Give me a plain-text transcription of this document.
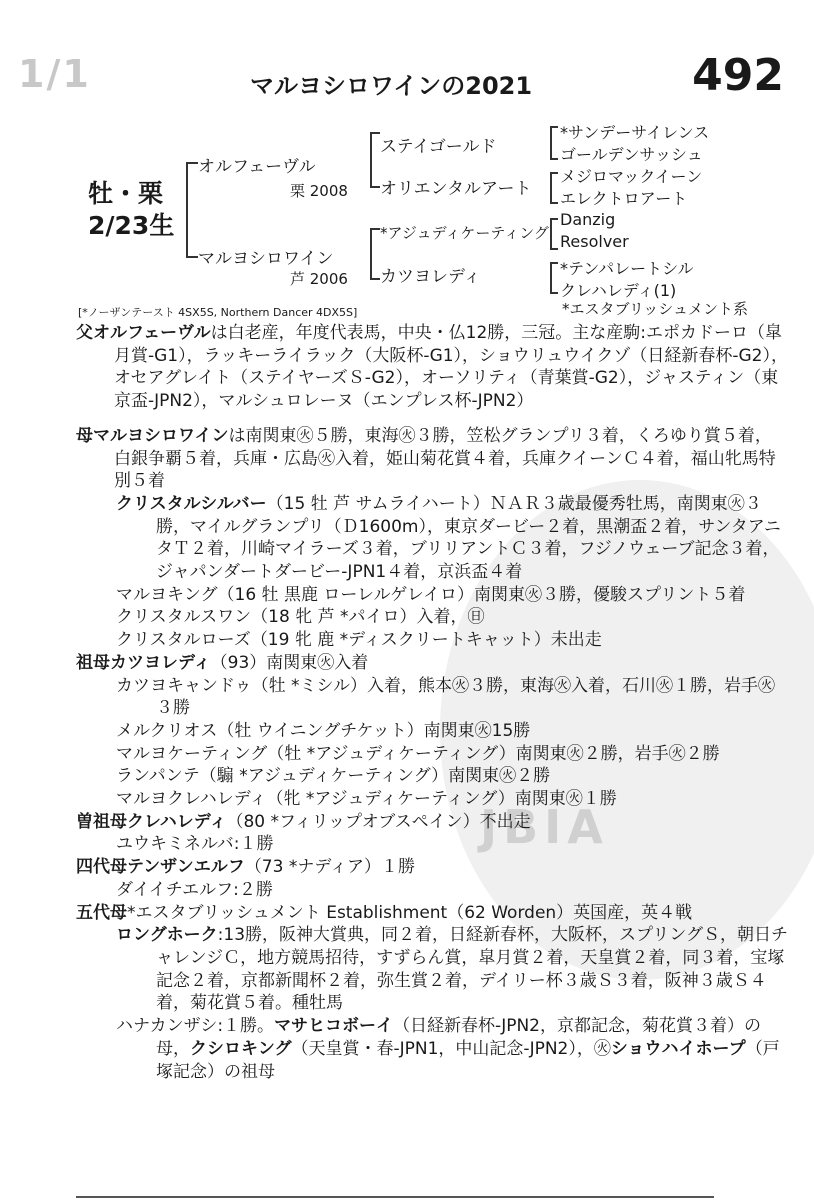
JBIA
1/1	マルヨシロワインの2021	492
牡・栗
2/23生
オルフェーヴル
栗 2008
マルヨシロワイン
芦 2006
ステイゴールド
オリエンタルアート
*アジュディケーティング
カツヨレディ
*サンデーサイレンス
ゴールデンサッシュ
メジロマックイーン
エレクトロアート
Danzig
Resolver
*テンパレートシル
クレハレディ(1)
[*ノーザンテースト 4SX5S, Northern Dancer 4DX5S]	*エスタブリッシュメント系

父オルフェーヴルは白老産，年度代表馬，中央・仏12勝，三冠。主な産駒:エポカドーロ（皐月賞-G1），ラッキーライラック（大阪杯-G1），ショウリュウイクゾ（日経新春杯-G2），オセアグレイト（ステイヤーズＳ-G2），オーソリティ（青葉賞-G2），ジャスティン（東京盃-JPN2），マルシュロレーヌ（エンプレス杯-JPN2）

母マルヨシロワインは南関東㊋５勝，東海㊋３勝，笠松グランプリ３着，くろゆり賞５着，白銀争覇５着，兵庫・広島㊋入着，姫山菊花賞４着，兵庫クイーンＣ４着，福山牝馬特別５着

クリスタルシルバー（15 牡 芦 サムライハート）ＮＡＲ３歳最優秀牡馬，南関東㊋３勝，マイルグランプリ（Ｄ1600m），東京ダービー２着，黒潮盃２着，サンタアニタＴ２着，川崎マイラーズ３着，ブリリアントＣ３着，フジノウェーブ記念３着，ジャパンダートダービー-JPN1４着，京浜盃４着

マルヨキング（16 牡 黒鹿 ローレルゲレイロ）南関東㊋３勝，優駿スプリント５着

クリスタルスワン（18 牝 芦 *パイロ）入着，㊐

クリスタルローズ（19 牝 鹿 *ディスクリートキャット）未出走

祖母カツヨレディ（93）南関東㊋入着

カツヨキャンドゥ（牡 *ミシル）入着，熊本㊋３勝，東海㊋入着，石川㊋１勝，岩手㊋３勝

メルクリオス（牡 ウイニングチケット）南関東㊋15勝

マルヨケーティング（牡 *アジュディケーティング）南関東㊋２勝，岩手㊋２勝

ランパンテ（騸 *アジュディケーティング）南関東㊋２勝

マルヨクレハレディ（牝 *アジュディケーティング）南関東㊋１勝

曽祖母クレハレディ（80 *フィリップオブスペイン）不出走

ユウキミネルバ:１勝

四代母テンザンエルフ（73 *ナディア）１勝

ダイイチエルフ:２勝

五代母*エスタブリッシュメント Establishment（62 Worden）英国産，英４戦

ロングホーク:13勝，阪神大賞典，同２着，日経新春杯，大阪杯，スプリングＳ，朝日チャレンジＣ，地方競馬招待，すずらん賞，皐月賞２着，天皇賞２着，同３着，宝塚記念２着，京都新聞杯２着，弥生賞２着，デイリー杯３歳Ｓ３着，阪神３歳Ｓ４着，菊花賞５着。種牡馬

ハナカンザシ:１勝。マサヒコボーイ（日経新春杯-JPN2，京都記念，菊花賞３着）の母，クシロキング（天皇賞・春-JPN1，中山記念-JPN2），㊋ショウハイホープ（戸塚記念）の祖母
